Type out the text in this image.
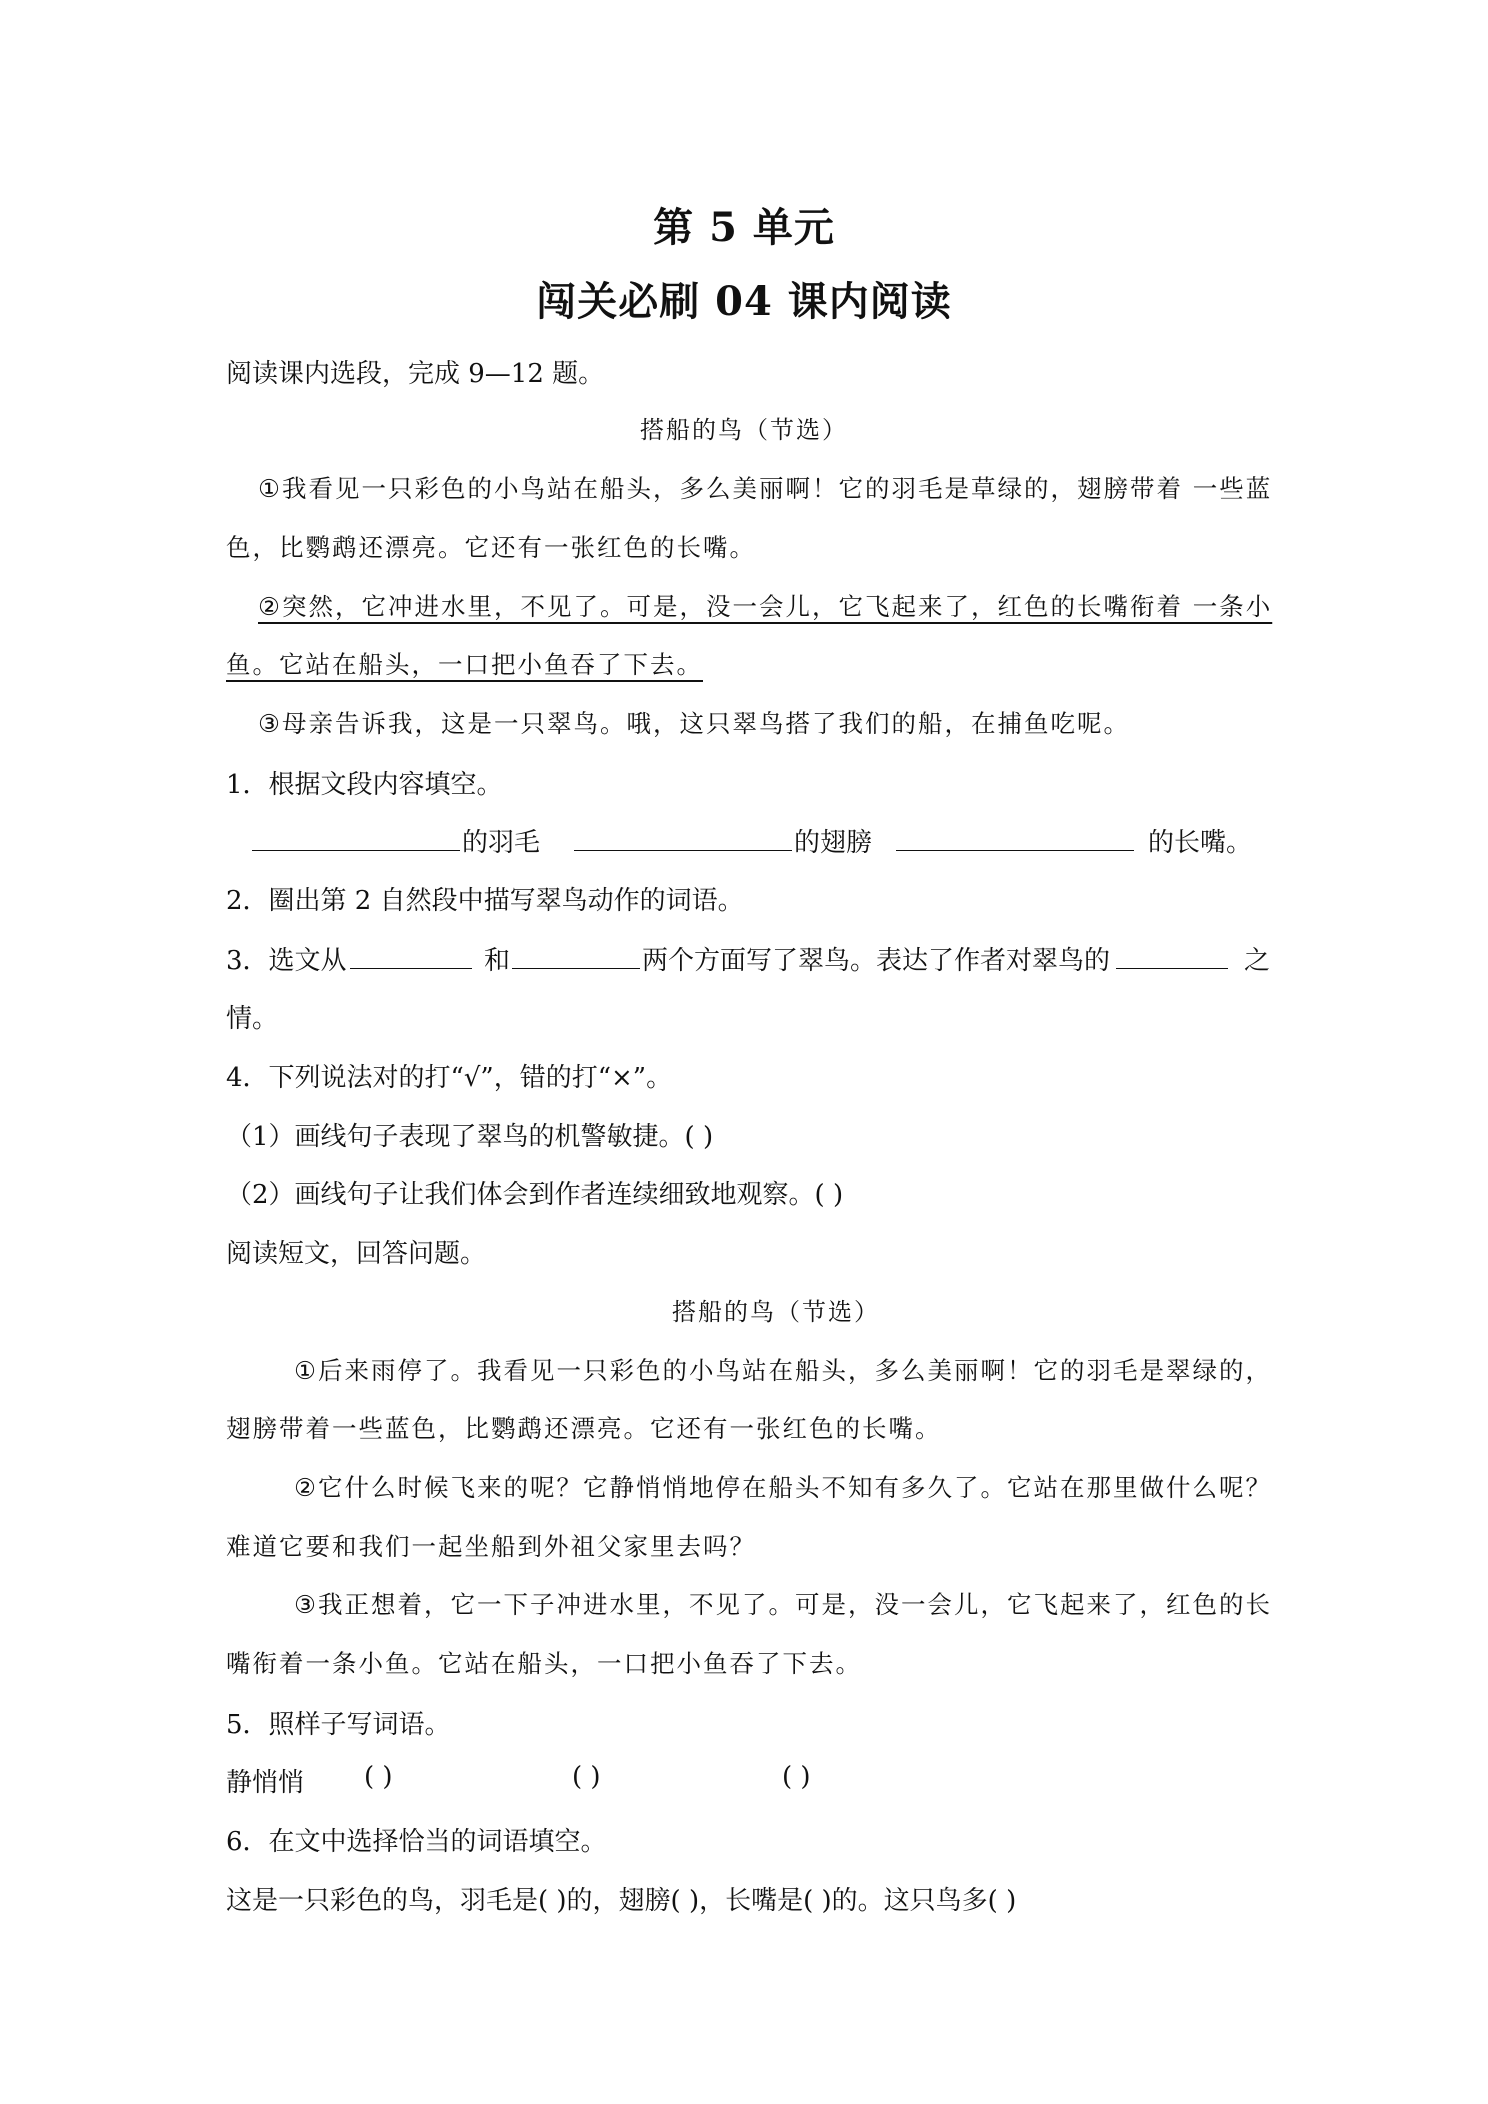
第 5 单元
闯关必刷 04 课内阅读
阅读课内选段，完成 9—12 题。
搭船的鸟（节选）
①我看见一只彩色的小鸟站在船头，多么美丽啊！它的羽毛是草绿的，翅膀带着 一些蓝
色，比鹦鹉还漂亮。它还有一张红色的长嘴。
②突然，它冲进水里，不见了。可是，没一会儿，它飞起来了，红色的长嘴衔着 一条小
鱼。它站在船头，一口把小鱼吞了下去。
③母亲告诉我，这是一只翠鸟。哦，这只翠鸟搭了我们的船，在捕鱼吃呢。
1．根据文段内容填空。
的羽毛	的翅膀	的长嘴。
2．圈出第 2 自然段中描写翠鸟动作的词语。
3．选文从	和	两个方面写了翠鸟。表达了作者对翠鸟的	之
情。
4．下列说法对的打“√”，错的打“×”。
（1）画线句子表现了翠鸟的机警敏捷。( )
（2）画线句子让我们体会到作者连续细致地观察。( )
阅读短文，回答问题。
搭船的鸟（节选）
①后来雨停了。我看见一只彩色的小鸟站在船头，多么美丽啊！它的羽毛是翠绿的，
翅膀带着一些蓝色，比鹦鹉还漂亮。它还有一张红色的长嘴。
②它什么时候飞来的呢？它静悄悄地停在船头不知有多久了。它站在那里做什么呢？
难道它要和我们一起坐船到外祖父家里去吗？
③我正想着，它一下子冲进水里，不见了。可是，没一会儿，它飞起来了，红色的长
嘴衔着一条小鱼。它站在船头，一口把小鱼吞了下去。
5．照样子写词语。
静悄悄 ( )	( )	( )
6．在文中选择恰当的词语填空。
这是一只彩色的鸟，羽毛是( )的，翅膀( )，长嘴是( )的。这只鸟多( )
